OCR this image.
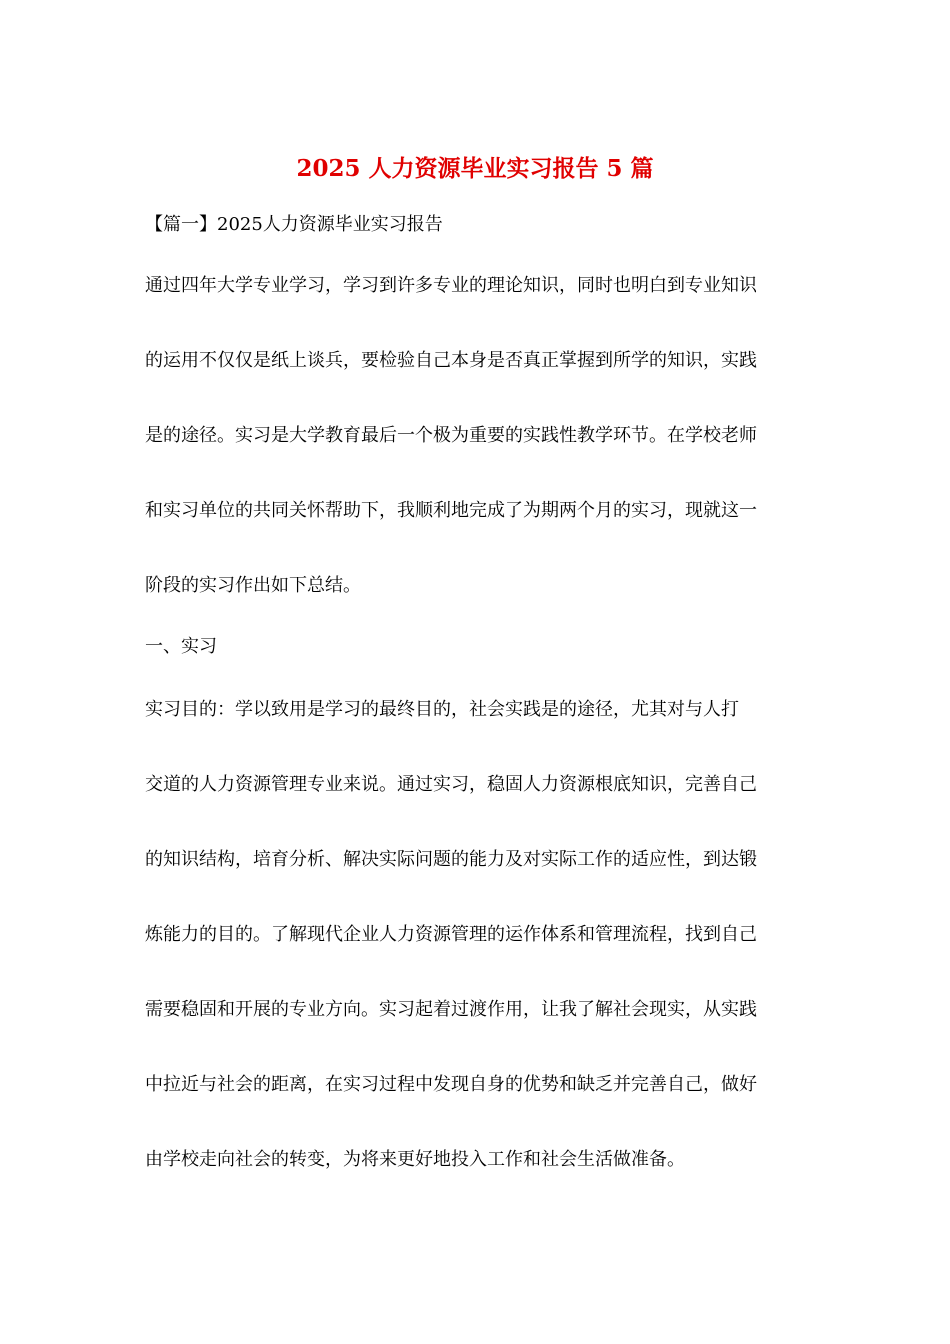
2025 人力资源毕业实习报告 5 篇

【篇一】2025人力资源毕业实习报告

通过四年大学专业学习，学习到许多专业的理论知识，同时也明白到专业知识

的运用不仅仅是纸上谈兵，要检验自己本身是否真正掌握到所学的知识，实践

是的途径。实习是大学教育最后一个极为重要的实践性教学环节。在学校老师

和实习单位的共同关怀帮助下，我顺利地完成了为期两个月的实习，现就这一

阶段的实习作出如下总结。

一、实习

实习目的：学以致用是学习的最终目的，社会实践是的途径，尤其对与人打

交道的人力资源管理专业来说。通过实习，稳固人力资源根底知识，完善自己

的知识结构，培育分析、解决实际问题的能力及对实际工作的适应性，到达锻

炼能力的目的。了解现代企业人力资源管理的运作体系和管理流程，找到自己

需要稳固和开展的专业方向。实习起着过渡作用，让我了解社会现实，从实践

中拉近与社会的距离，在实习过程中发现自身的优势和缺乏并完善自己，做好

由学校走向社会的转变，为将来更好地投入工作和社会生活做准备。
